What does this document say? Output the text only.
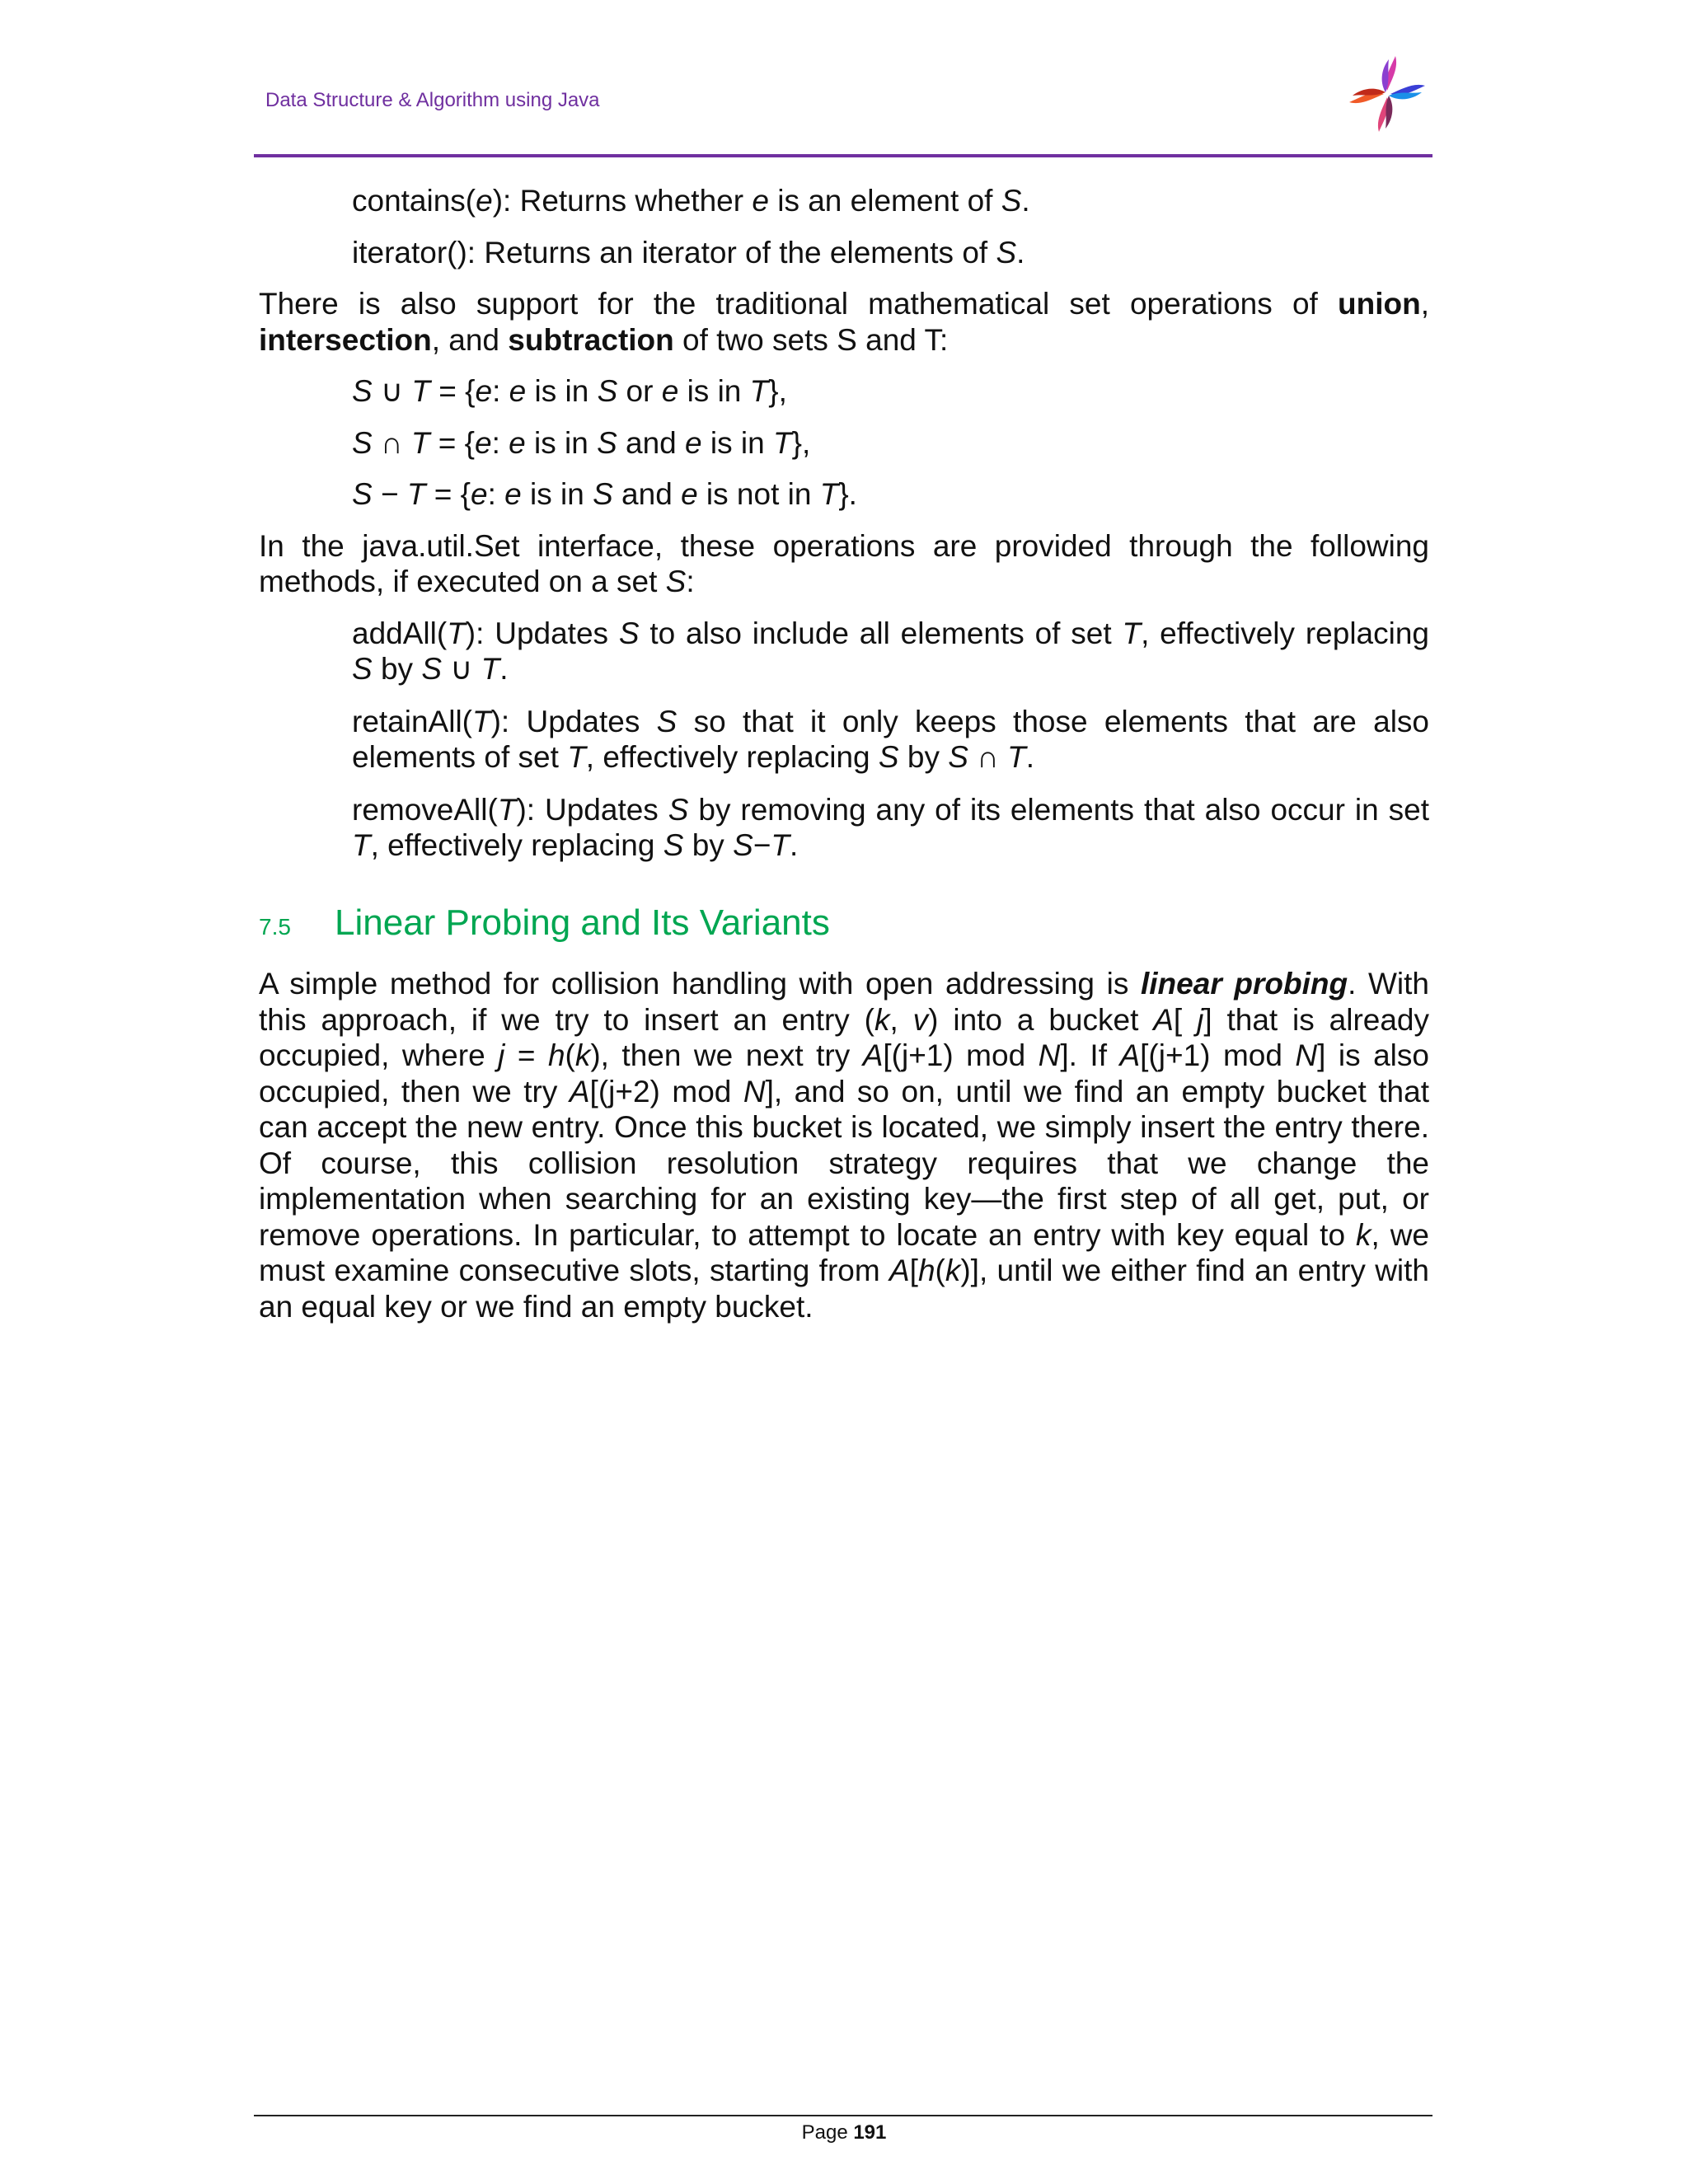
Data Structure & Algorithm using Java

contains(e): Returns whether e is an element of S.

iterator(): Returns an iterator of the elements of S.

There is also support for the traditional mathematical set operations of union, intersection, and subtraction of two sets S and T:

S ∪ T = {e: e is in S or e is in T},

S ∩ T = {e: e is in S and e is in T},

S − T = {e: e is in S and e is not in T}.

In the java.util.Set interface, these operations are provided through the following methods, if executed on a set S:

addAll(T): Updates S to also include all elements of set T, effectively replacing S by S ∪ T.

retainAll(T): Updates S so that it only keeps those elements that are also elements of set T, effectively replacing S by S ∩ T.

removeAll(T): Updates S by removing any of its elements that also occur in set T, effectively replacing S by S−T.

7.5	Linear Probing and Its Variants

A simple method for collision handling with open addressing is linear probing. With this approach, if we try to insert an entry (k, v) into a bucket A[ j] that is already occupied, where j = h(k), then we next try A[(j+1) mod N]. If A[(j+1) mod N] is also occupied, then we try A[(j+2) mod N], and so on, until we find an empty bucket that can accept the new entry. Once this bucket is located, we simply insert the entry there. Of course, this collision resolution strategy requires that we change the implementation when searching for an existing key—the first step of all get, put, or remove operations. In particular, to attempt to locate an entry with key equal to k, we must examine consecutive slots, starting from A[h(k)], until we either find an entry with an equal key or we find an empty bucket.

Page 191
